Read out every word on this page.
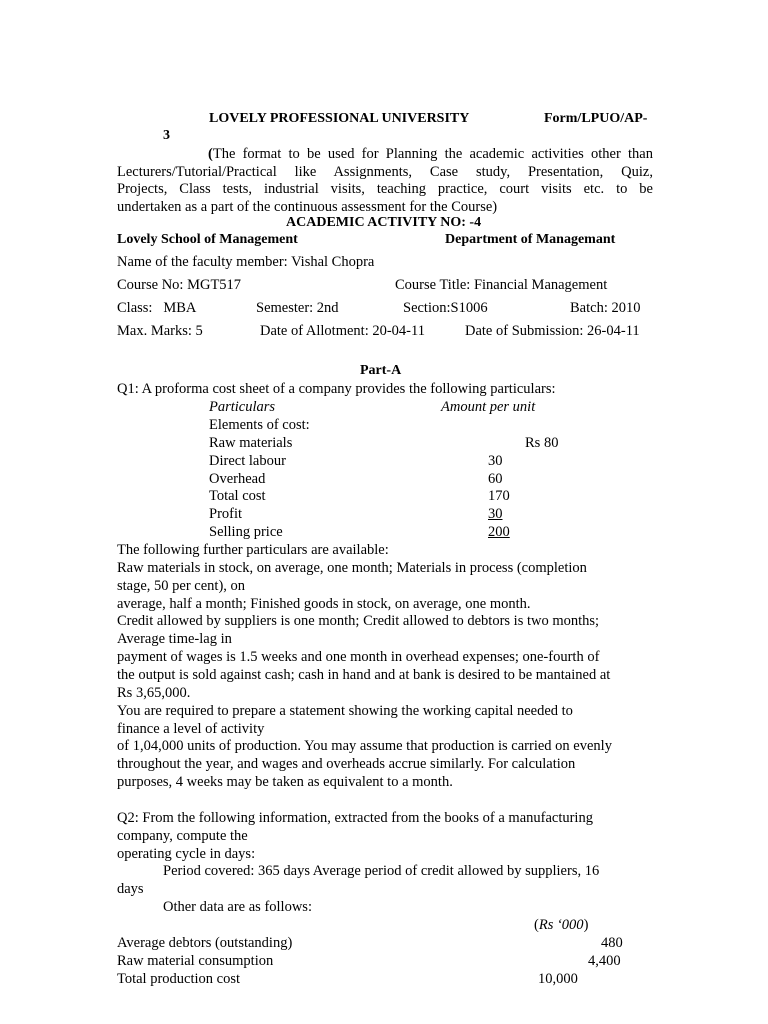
LOVELY PROFESSIONAL UNIVERSITY	Form/LPUO/AP-
3
(The format to be used for Planning the academic activities other than
Lecturers/Tutorial/Practical like Assignments, Case study, Presentation, Quiz,
Projects, Class tests, industrial visits, teaching practice, court visits etc. to be
undertaken as a part of the continuous assessment for the Course)
ACADEMIC ACTIVITY NO: -4
Lovely School of Management	Department of Managemant
Name of the faculty member: Vishal Chopra
Course No: MGT517	Course Title: Financial Management
Class:   MBA	Semester: 2nd	Section:S1006	Batch: 2010
Max. Marks: 5	Date of Allotment: 20-04-11	Date of Submission: 26-04-11
Part-A
Q1: A proforma cost sheet of a company provides the following particulars:
Particulars	Amount per unit
Elements of cost:
Raw materials	Rs 80
Direct labour	30
Overhead	60
Total cost	170
Profit	30
Selling price	200
The following further particulars are available:
Raw materials in stock, on average, one month; Materials in process (completion
stage, 50 per cent), on
average, half a month; Finished goods in stock, on average, one month.
Credit allowed by suppliers is one month; Credit allowed to debtors is two months;
Average time-lag in
payment of wages is 1.5 weeks and one month in overhead expenses; one-fourth of
the output is sold against cash; cash in hand and at bank is desired to be mantained at
Rs 3,65,000.
You are required to prepare a statement showing the working capital needed to
finance a level of activity
of 1,04,000 units of production. You may assume that production is carried on evenly
throughout the year, and wages and overheads accrue similarly. For calculation
purposes, 4 weeks may be taken as equivalent to a month.
Q2: From the following information, extracted from the books of a manufacturing
company, compute the
operating cycle in days:
Period covered: 365 days Average period of credit allowed by suppliers, 16
days
Other data are as follows:
(Rs ‘000)
Average debtors (outstanding)	480
Raw material consumption	4,400
Total production cost	10,000
